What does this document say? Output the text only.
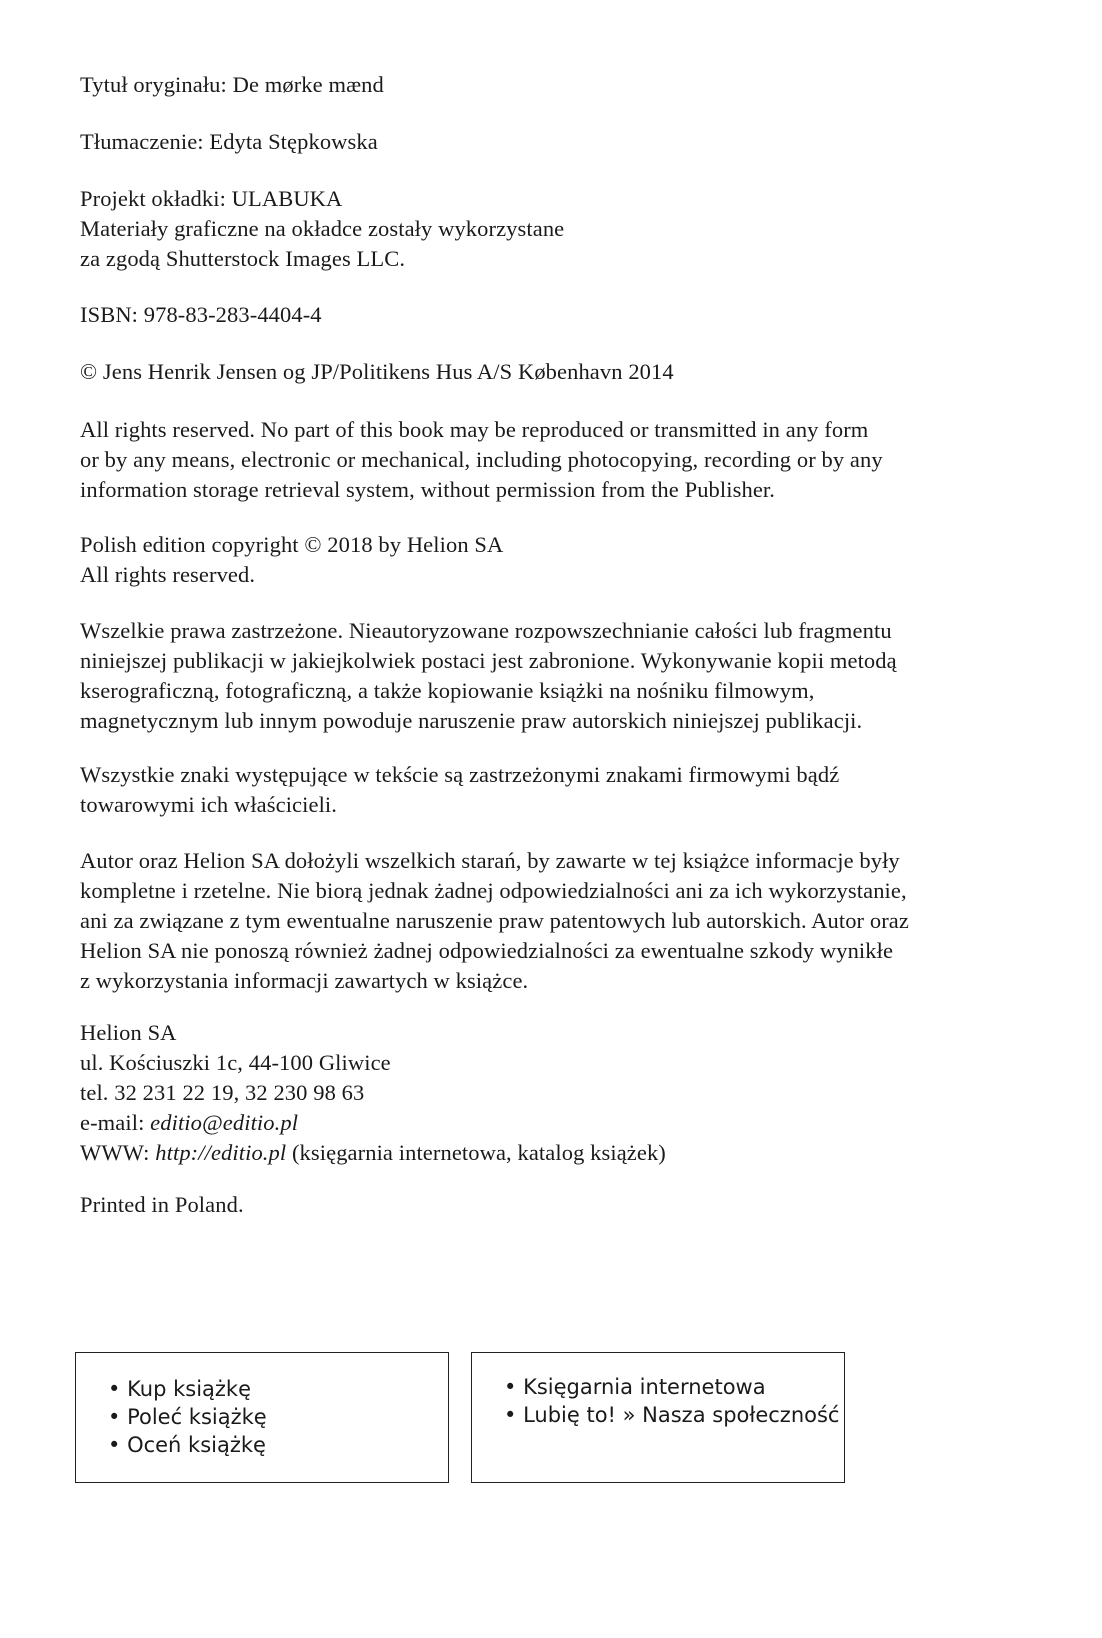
Tytuł oryginału: De mørke mænd
Tłumaczenie: Edyta Stępkowska
Projekt okładki: ULABUKA
Materiały graficzne na okładce zostały wykorzystane
za zgodą Shutterstock Images LLC.
ISBN: 978-83-283-4404-4
© Jens Henrik Jensen og JP/Politikens Hus A/S København 2014
All rights reserved. No part of this book may be reproduced or transmitted in any form
or by any means, electronic or mechanical, including photocopying, recording or by any
information storage retrieval system, without permission from the Publisher.
Polish edition copyright © 2018 by Helion SA
All rights reserved.
Wszelkie prawa zastrzeżone. Nieautoryzowane rozpowszechnianie całości lub fragmentu
niniejszej publikacji w jakiejkolwiek postaci jest zabronione. Wykonywanie kopii metodą
kserograficzną, fotograficzną, a także kopiowanie książki na nośniku filmowym,
magnetycznym lub innym powoduje naruszenie praw autorskich niniejszej publikacji.
Wszystkie znaki występujące w tekście są zastrzeżonymi znakami firmowymi bądź
towarowymi ich właścicieli.
Autor oraz Helion SA dołożyli wszelkich starań, by zawarte w tej książce informacje były
kompletne i rzetelne. Nie biorą jednak żadnej odpowiedzialności ani za ich wykorzystanie,
ani za związane z tym ewentualne naruszenie praw patentowych lub autorskich. Autor oraz
Helion SA nie ponoszą również żadnej odpowiedzialności za ewentualne szkody wynikłe
z wykorzystania informacji zawartych w książce.
Helion SA
ul. Kościuszki 1c, 44-100 Gliwice
tel. 32 231 22 19, 32 230 98 63
e-mail: editio@editio.pl
WWW: http://editio.pl (księgarnia internetowa, katalog książek)
Printed in Poland.
• Kup książkę
• Poleć książkę
• Oceń książkę
• Księgarnia internetowa
• Lubię to! » Nasza społeczność
